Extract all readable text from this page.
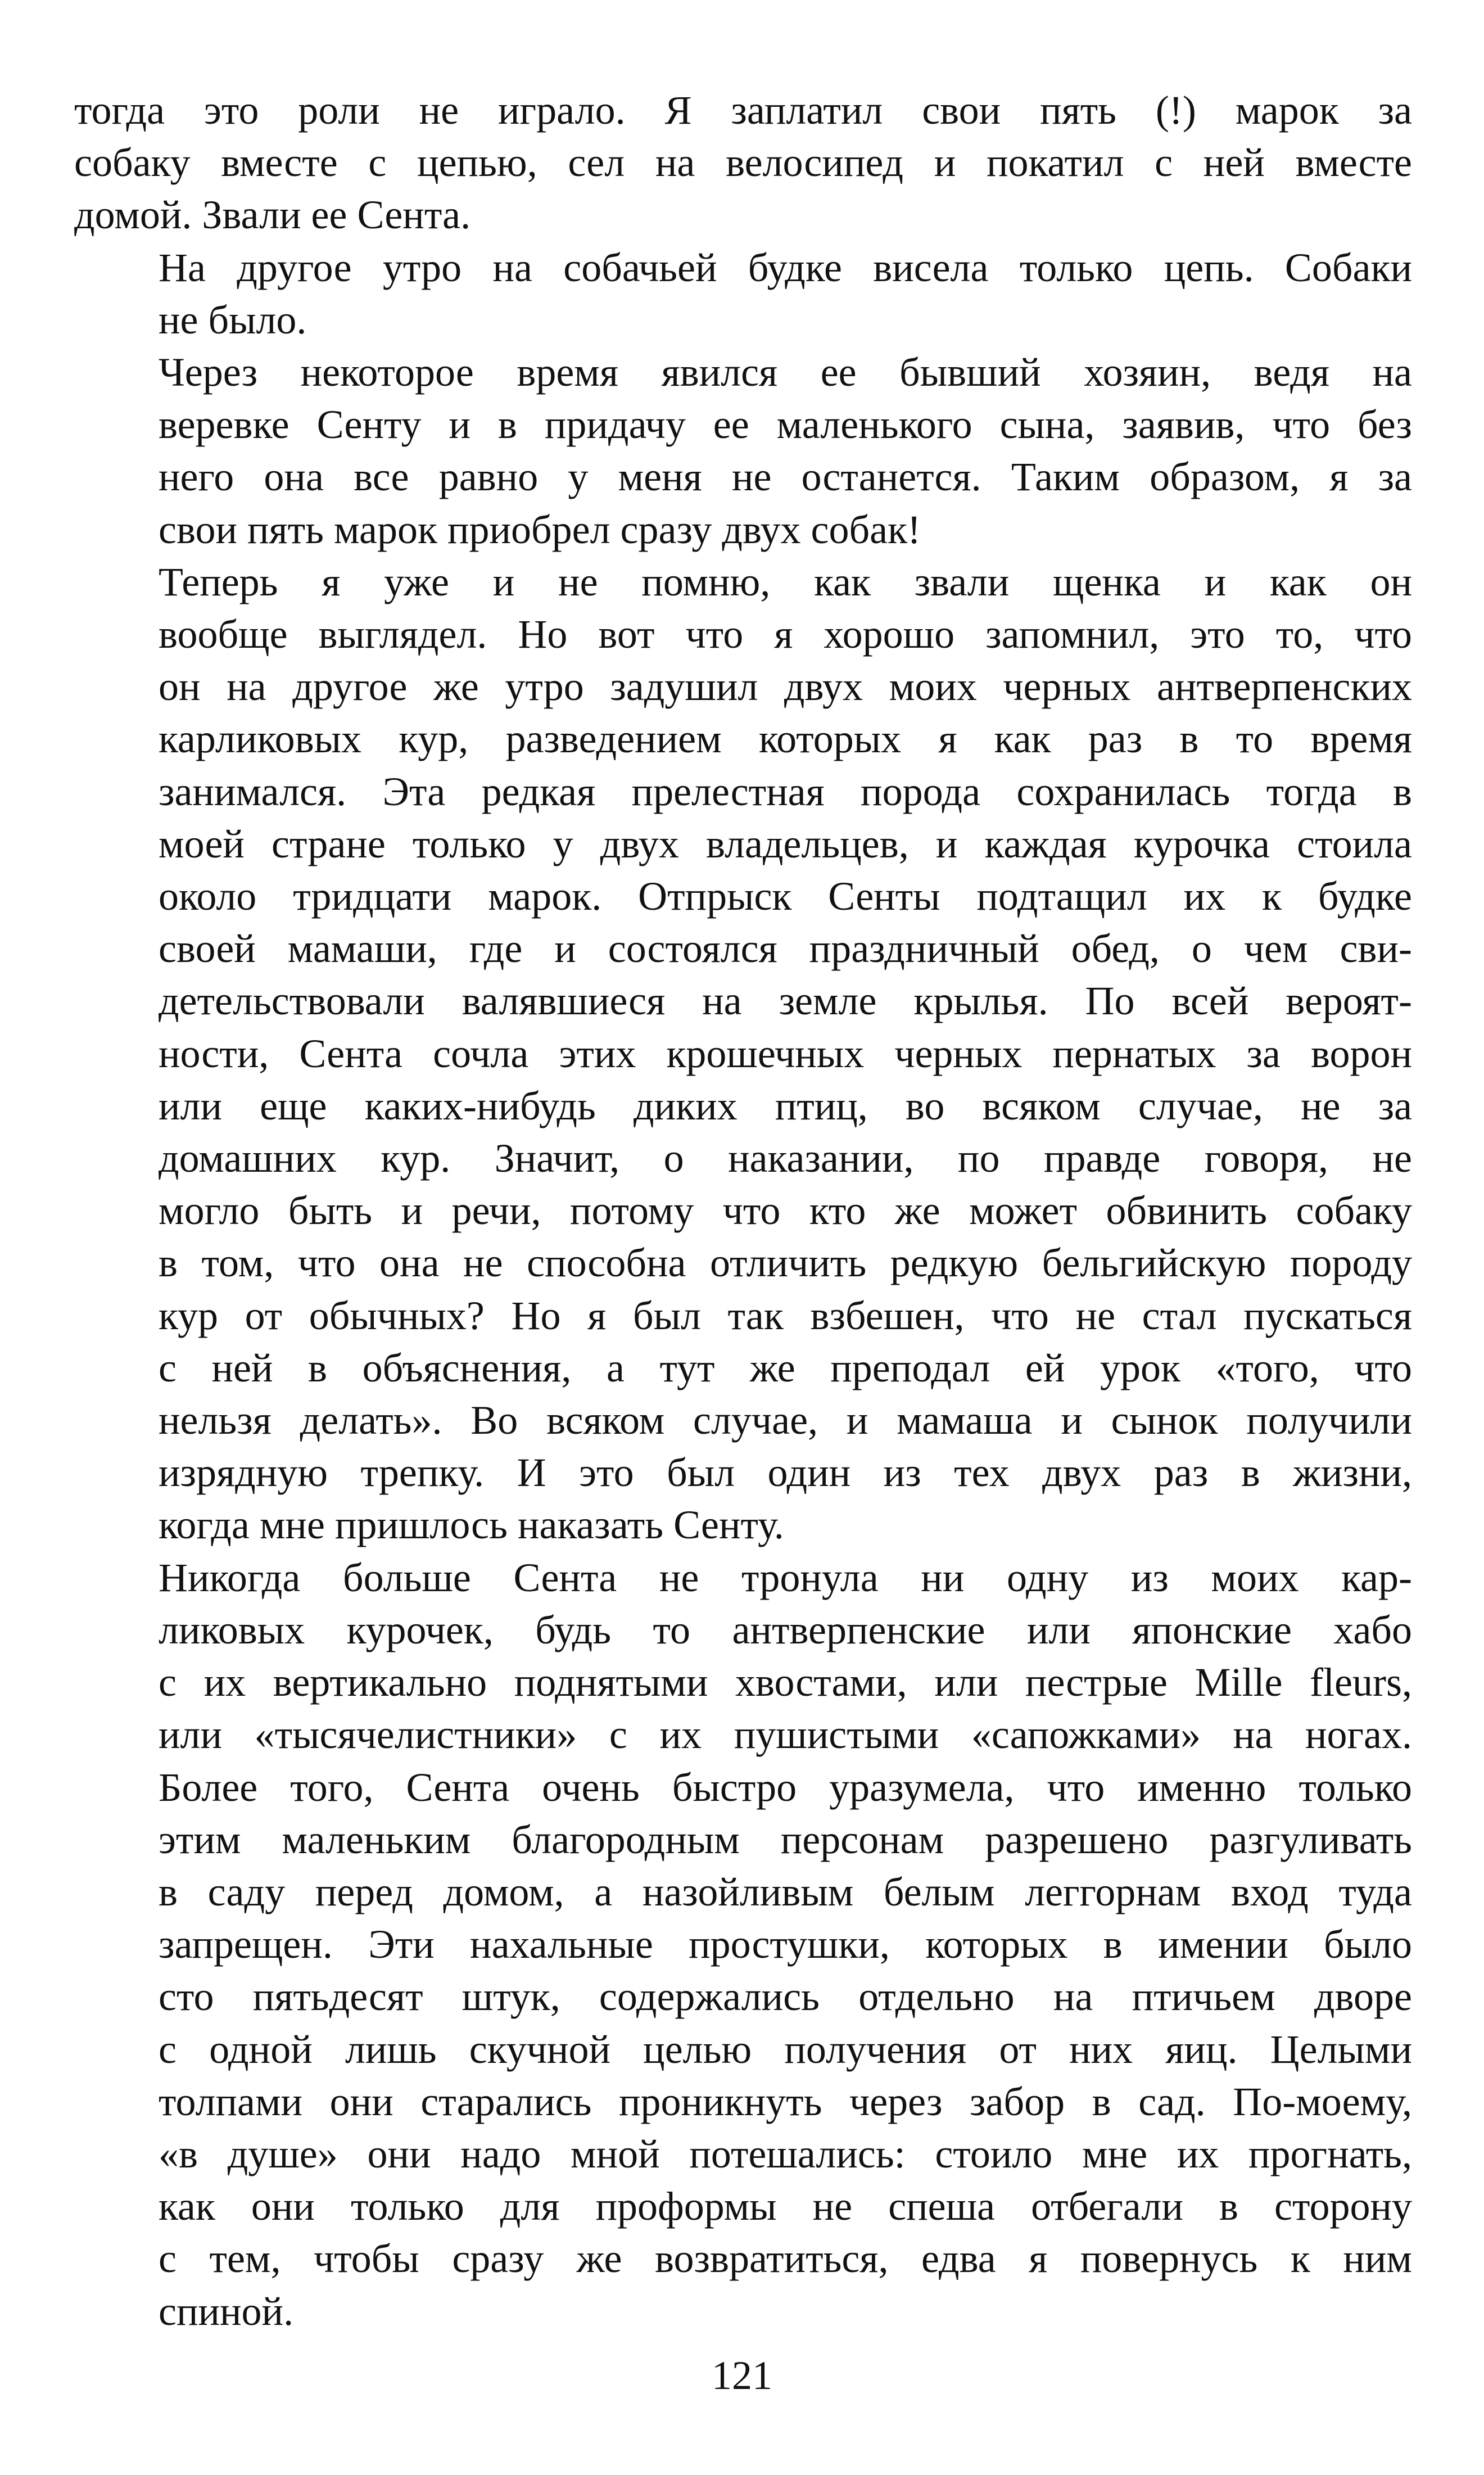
тогда это роли не играло. Я заплатил свои пять (!) марок за
собаку вместе с цепью, сел на велосипед и покатил с ней вместе
домой. Звали ее Сента.

На другое утро на собачьей будке висела только цепь. Собаки
не было.

Через некоторое время явился ее бывший хозяин, ведя на
веревке Сенту и в придачу ее маленького сына, заявив, что без
него она все равно у меня не останется. Таким образом, я за
свои пять марок приобрел сразу двух собак!

Теперь я уже и не помню, как звали щенка и как он
вообще выглядел. Но вот что я хорошо запомнил, это то, что
он на другое же утро задушил двух моих черных антверпенских
карликовых кур, разведением которых я как раз в то время
занимался. Эта редкая прелестная порода сохранилась тогда в
моей стране только у двух владельцев, и каждая курочка стоила
около тридцати марок. Отпрыск Сенты подтащил их к будке
своей мамаши, где и состоялся праздничный обед, о чем сви-
детельствовали валявшиеся на земле крылья. По всей вероят-
ности, Сента сочла этих крошечных черных пернатых за ворон
или еще каких-нибудь диких птиц, во всяком случае, не за
домашних кур. Значит, о наказании, по правде говоря, не
могло быть и речи, потому что кто же может обвинить собаку
в том, что она не способна отличить редкую бельгийскую породу
кур от обычных? Но я был так взбешен, что не стал пускаться
с ней в объяснения, а тут же преподал ей урок «того, что
нельзя делать». Во всяком случае, и мамаша и сынок получили
изрядную трепку. И это был один из тех двух раз в жизни,
когда мне пришлось наказать Сенту.

Никогда больше Сента не тронула ни одну из моих кар-
ликовых курочек, будь то антверпенские или японские хабо
с их вертикально поднятыми хвостами, или пестрые Mille fleurs,
или «тысячелистники» с их пушистыми «сапожками» на ногах.
Более того, Сента очень быстро уразумела, что именно только
этим маленьким благородным персонам разрешено разгуливать
в саду перед домом, а назойливым белым леггорнам вход туда
запрещен. Эти нахальные простушки, которых в имении было
сто пятьдесят штук, содержались отдельно на птичьем дворе
с одной лишь скучной целью получения от них яиц. Целыми
толпами они старались проникнуть через забор в сад. По-моему,
«в душе» они надо мной потешались: стоило мне их прогнать,
как они только для проформы не спеша отбегали в сторону
с тем, чтобы сразу же возвратиться, едва я повернусь к ним
спиной.

121
